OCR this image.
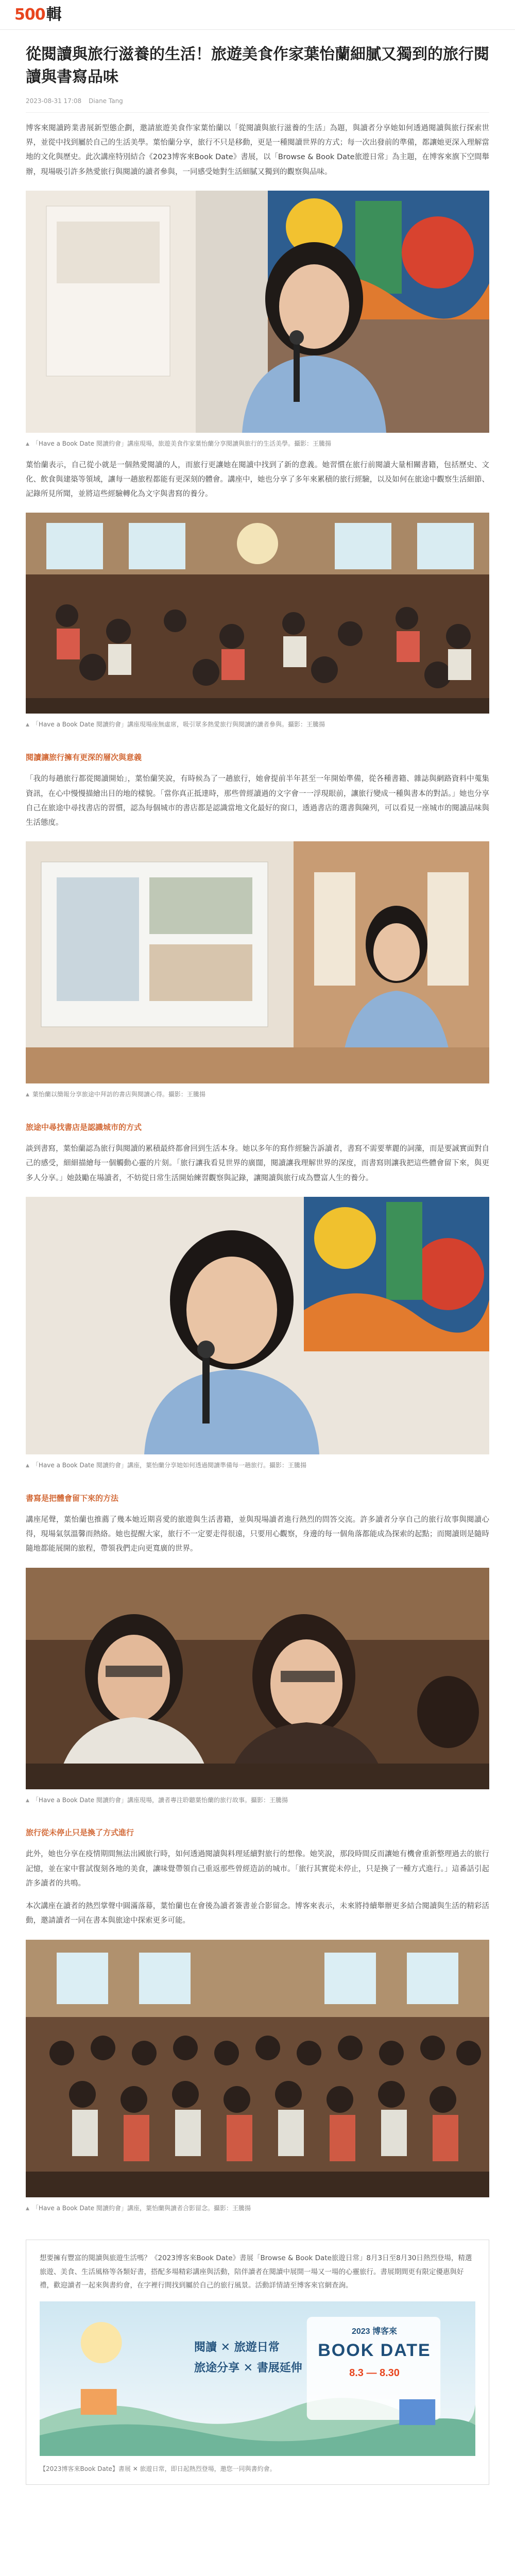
500 輯
從閱讀與旅行滋養的生活！旅遊美食作家葉怡蘭細膩又獨到的旅行閱讀與書寫品味
2023-08-31 17:08 Diane Tang

博客來閱讀跨業書展新型態企劃，邀請旅遊美食作家葉怡蘭以「從閱讀與旅行滋養的生活」為題，與讀者分享她如何透過閱讀與旅行探索世界，並從中找到屬於自己的生活美學。葉怡蘭分享，旅行不只是移動，更是一種閱讀世界的方式；每一次出發前的準備，都讓她更深入理解當地的文化與歷史。此次講座特別結合《2023博客來Book Date》書展，以「Browse & Book Date旅遊日常」為主題，在博客來旗下空間舉辦，現場吸引許多熱愛旅行與閱讀的讀者參與，一同感受她對生活細膩又獨到的觀察與品味。

▲ 「Have a Book Date 閱讀約會」講座現場，旅遊美食作家葉怡蘭分享閱讀與旅行的生活美學。攝影：王騰揚

葉怡蘭表示，自己從小就是一個熱愛閱讀的人，而旅行更讓她在閱讀中找到了新的意義。她習慣在旅行前閱讀大量相關書籍，包括歷史、文化、飲食與建築等領域，讓每一趟旅程都能有更深刻的體會。講座中，她也分享了多年來累積的旅行經驗，以及如何在旅途中觀察生活細節、記錄所見所聞，並將這些經驗轉化為文字與書寫的養分。

▲ 「Have a Book Date 閱讀約會」講座現場座無虛席，吸引眾多熱愛旅行與閱讀的讀者參與。攝影：王騰揚
閱讀讓旅行擁有更深的層次與意義

「我的每趟旅行都從閱讀開始」，葉怡蘭笑說，有時候為了一趟旅行，她會提前半年甚至一年開始準備，從各種書籍、雜誌與網路資料中蒐集資訊，在心中慢慢描繪出目的地的樣貌。「當你真正抵達時，那些曾經讀過的文字會一一浮現眼前，讓旅行變成一種與書本的對話。」她也分享自己在旅途中尋找書店的習慣，認為每個城市的書店都是認識當地文化最好的窗口，透過書店的選書與陳列，可以看見一座城市的閱讀品味與生活態度。

▲ 葉怡蘭以簡報分享旅途中拜訪的書店與閱讀心得。攝影：王騰揚
旅途中尋找書店是認識城市的方式

談到書寫，葉怡蘭認為旅行與閱讀的累積最終都會回到生活本身。她以多年的寫作經驗告訴讀者，書寫不需要華麗的詞藻，而是要誠實面對自己的感受，細細描繪每一個觸動心靈的片刻。「旅行讓我看見世界的廣闊，閱讀讓我理解世界的深度，而書寫則讓我把這些體會留下來，與更多人分享。」她鼓勵在場讀者，不妨從日常生活開始練習觀察與記錄，讓閱讀與旅行成為豐富人生的養分。

▲ 「Have a Book Date 閱讀約會」講座，葉怡蘭分享她如何透過閱讀準備每一趟旅行。攝影：王騰揚
書寫是把體會留下來的方法

講座尾聲，葉怡蘭也推薦了幾本她近期喜愛的旅遊與生活書籍，並與現場讀者進行熱烈的問答交流。許多讀者分享自己的旅行故事與閱讀心得，現場氣氛溫馨而熱絡。她也提醒大家，旅行不一定要走得很遠，只要用心觀察，身邊的每一個角落都能成為探索的起點；而閱讀則是隨時隨地都能展開的旅程，帶領我們走向更寬廣的世界。

▲ 「Have a Book Date 閱讀約會」講座現場，讀者專注聆聽葉怡蘭的旅行故事。攝影：王騰揚
旅行從未停止只是換了方式進行

此外，她也分享在疫情期間無法出國旅行時，如何透過閱讀與料理延續對旅行的想像。她笑說，那段時間反而讓她有機會重新整理過去的旅行記憶，並在家中嘗試復刻各地的美食，讓味覺帶領自己重返那些曾經造訪的城市。「旅行其實從未停止，只是換了一種方式進行。」這番話引起許多讀者的共鳴。

本次講座在讀者的熱烈掌聲中圓滿落幕，葉怡蘭也在會後為讀者簽書並合影留念。博客來表示，未來將持續舉辦更多結合閱讀與生活的精彩活動，邀請讀者一同在書本與旅途中探索更多可能。

▲ 「Have a Book Date 閱讀約會」講座，葉怡蘭與讀者合影留念。攝影：王騰揚

想要擁有豐富的閱讀與旅遊生活嗎？《2023博客來Book Date》書展「Browse & Book Date旅遊日常」8月3日至8月30日熱烈登場，精選旅遊、美食、生活風格等各類好書，搭配多場精彩講座與活動，陪伴讀者在閱讀中展開一場又一場的心靈旅行。書展期間更有限定優惠與好禮，歡迎讀者一起來與書約會，在字裡行間找到屬於自己的旅行風景。活動詳情請至博客來官網查詢。

2023 博客來
BOOK DATE
8.3 — 8.30
閱讀 ✕ 旅遊日常
旅途分享 ✕ 書展延伸
【2023博客來Book Date】書展 ✕ 旅遊日常，即日起熱烈登場，邀您一同與書約會。
